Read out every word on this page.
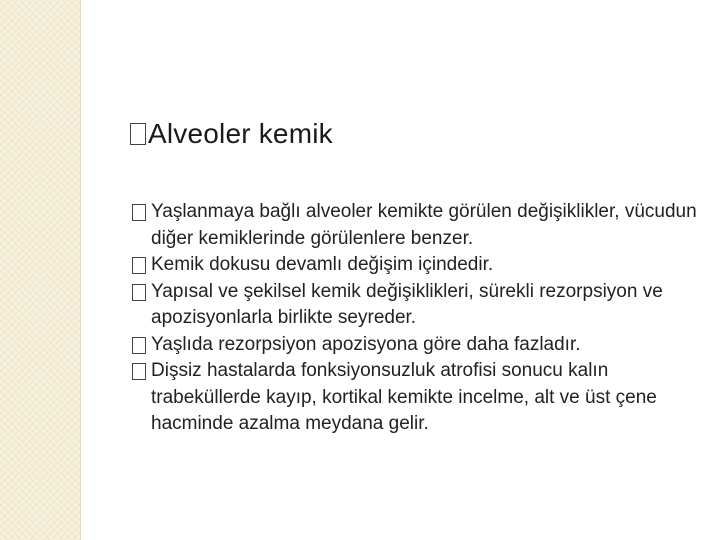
Alveoler kemik
Yaşlanmaya bağlı alveoler kemikte görülen değişiklikler, vücudun diğer kemiklerinde görülenlere benzer.
Kemik dokusu devamlı değişim içindedir.
Yapısal ve şekilsel kemik değişiklikleri, sürekli rezorpsiyon ve apozisyonlarla birlikte seyreder.
Yaşlıda rezorpsiyon apozisyona göre daha fazladır.
Dişsiz hastalarda fonksiyonsuzluk atrofisi sonucu kalın trabeküllerde kayıp, kortikal kemikte incelme, alt ve üst çene hacminde azalma meydana gelir.
